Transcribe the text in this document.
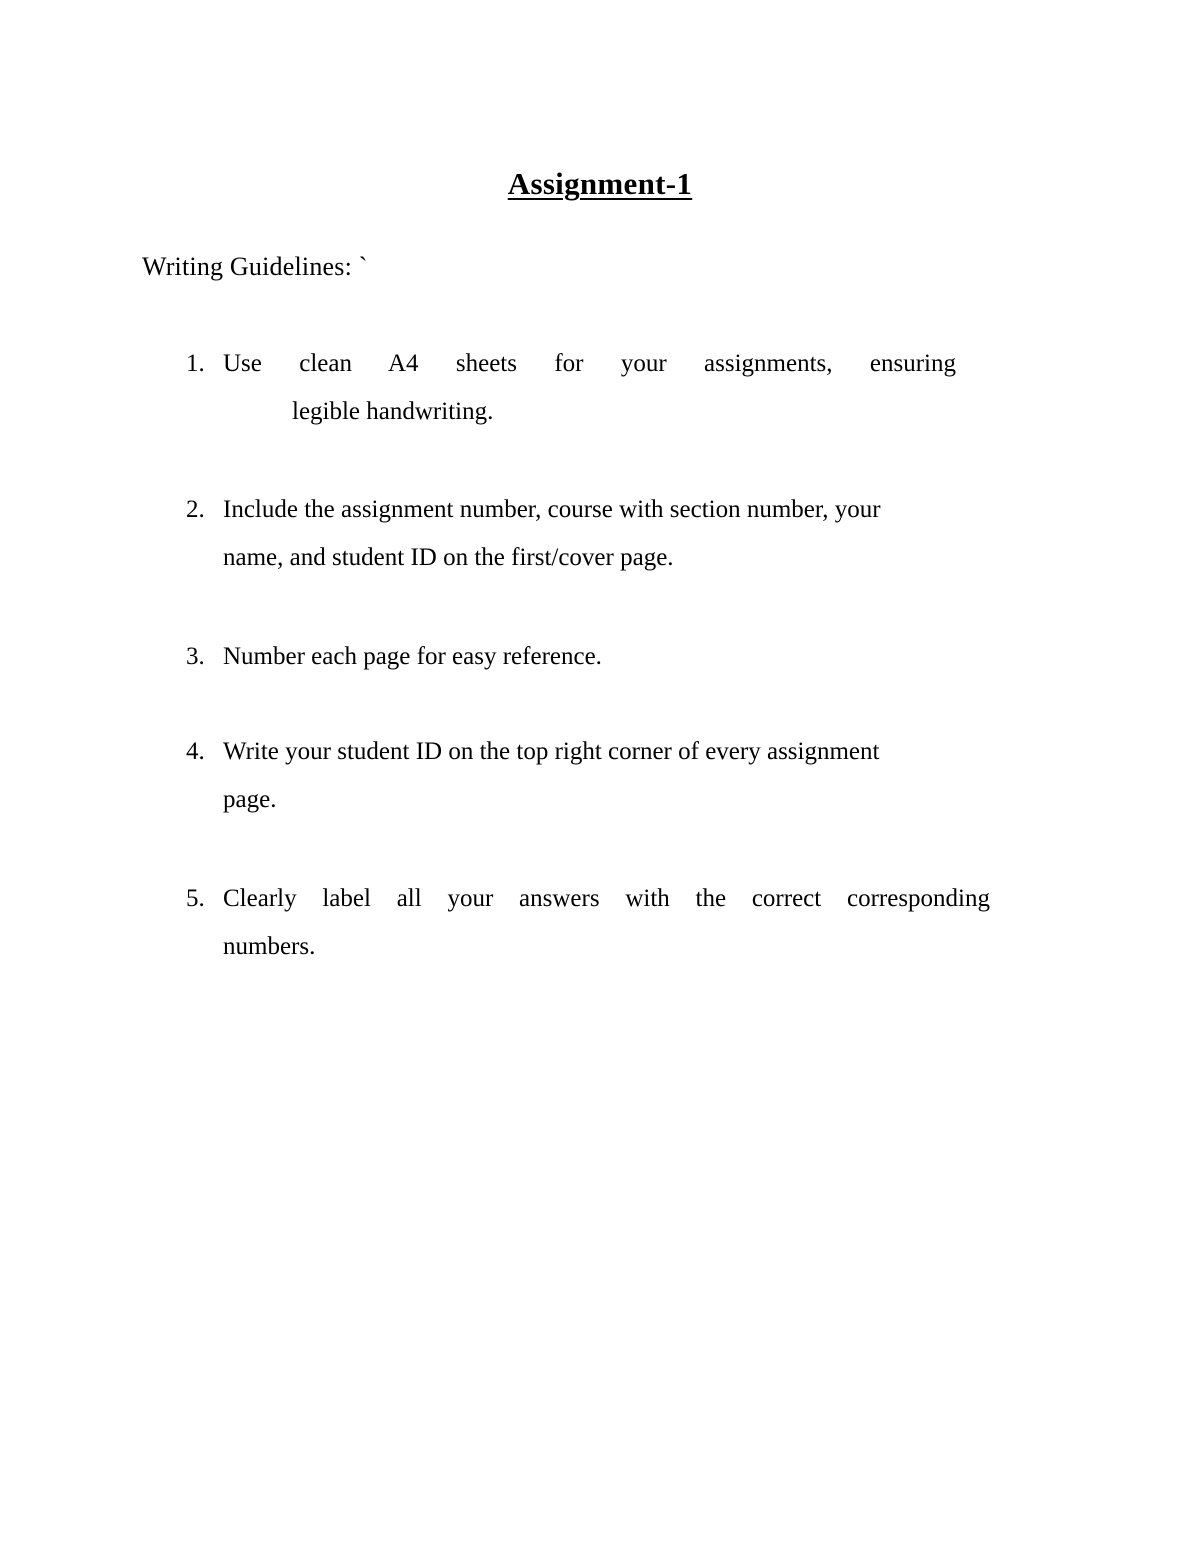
Assignment-1
Writing Guidelines: `
1. Use clean A4 sheets for your assignments, ensuring
legible handwriting.
2. Include the assignment number, course with section number, your
name, and student ID on the first/cover page.
3. Number each page for easy reference.
4. Write your student ID on the top right corner of every assignment
page.
5. Clearly label all your answers with the correct corresponding
numbers.
